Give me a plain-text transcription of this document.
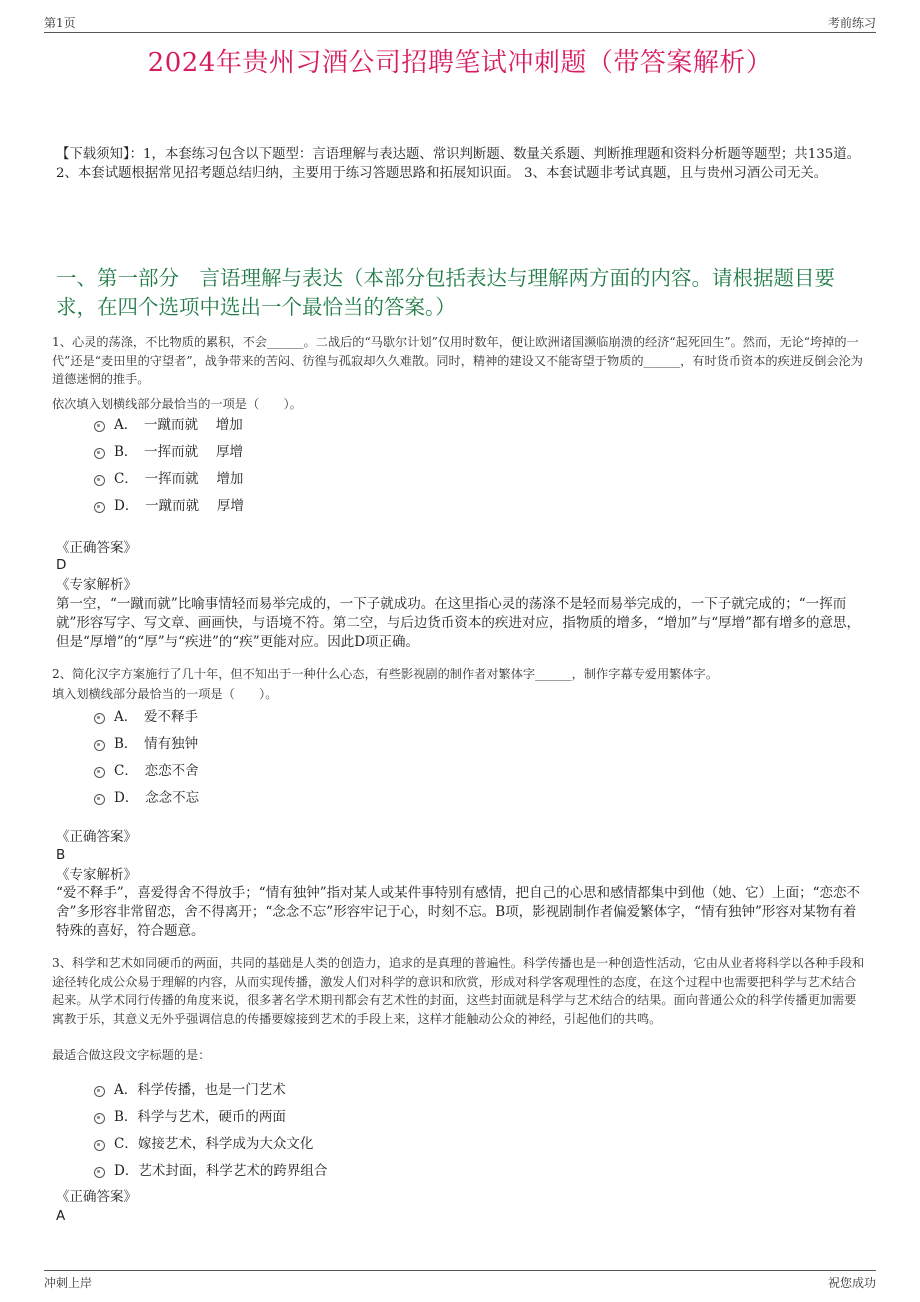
第1页	考前练习
2024年贵州习酒公司招聘笔试冲刺题（带答案解析）
【下载须知】：1，本套练习包含以下题型：言语理解与表达题、常识判断题、数量关系题、判断推理题和资料分析题等题型；共135道。 2、本套试题根据常见招考题总结归纳，主要用于练习答题思路和拓展知识面。 3、本套试题非考试真题，且与贵州习酒公司无关。
一、第一部分　言语理解与表达（本部分包括表达与理解两方面的内容。请根据题目要求，在四个选项中选出一个最恰当的答案。）
1、心灵的荡涤，不比物质的累积，不会______。二战后的“马歇尔计划”仅用时数年，便让欧洲诸国濒临崩溃的经济“起死回生”。然而，无论“垮掉的一代”还是“麦田里的守望者”，战争带来的苦闷、彷徨与孤寂却久久难散。同时，精神的建设又不能寄望于物质的______，有时货币资本的疾进反倒会沦为道德迷惘的推手。
依次填入划横线部分最恰当的一项是（　　）。
A．　一蹴而就　 增加
B．　一挥而就　 厚增
C．　一挥而就　 增加
D．　一蹴而就　 厚增
《正确答案》
D
《专家解析》
第一空，“一蹴而就”比喻事情轻而易举完成的，一下子就成功。在这里指心灵的荡涤不是轻而易举完成的，一下子就完成的；“一挥而就”形容写字、写文章、画画快，与语境不符。第二空，与后边货币资本的疾进对应，指物质的增多，“增加”与“厚增”都有增多的意思，但是“厚增”的“厚”与“疾进”的“疾”更能对应。因此D项正确。
2、简化汉字方案施行了几十年，但不知出于一种什么心态，有些影视剧的制作者对繁体字______，制作字幕专爱用繁体字。
填入划横线部分最恰当的一项是（　　）。
A．　爱不释手
B．　情有独钟
C．　恋恋不舍
D．　念念不忘
《正确答案》
B
《专家解析》
“爱不释手”，喜爱得舍不得放手；“情有独钟”指对某人或某件事特别有感情，把自己的心思和感情都集中到他（她、它）上面；“恋恋不舍”多形容非常留恋，舍不得离开；“念念不忘”形容牢记于心，时刻不忘。B项，影视剧制作者偏爱繁体字，“情有独钟”形容对某物有着特殊的喜好，符合题意。
3、科学和艺术如同硬币的两面，共同的基础是人类的创造力，追求的是真理的普遍性。科学传播也是一种创造性活动，它由从业者将科学以各种手段和途径转化成公众易于理解的内容，从而实现传播，激发人们对科学的意识和欣赏，形成对科学客观理性的态度，在这个过程中也需要把科学与艺术结合起来。从学术同行传播的角度来说，很多著名学术期刊都会有艺术性的封面，这些封面就是科学与艺术结合的结果。面向普通公众的科学传播更加需要寓教于乐，其意义无外乎强调信息的传播要嫁接到艺术的手段上来，这样才能触动公众的神经，引起他们的共鸣。
最适合做这段文字标题的是：
A．科学传播，也是一门艺术
B．科学与艺术，硬币的两面
C．嫁接艺术，科学成为大众文化
D．艺术封面，科学艺术的跨界组合
《正确答案》
A
冲刺上岸	祝您成功
